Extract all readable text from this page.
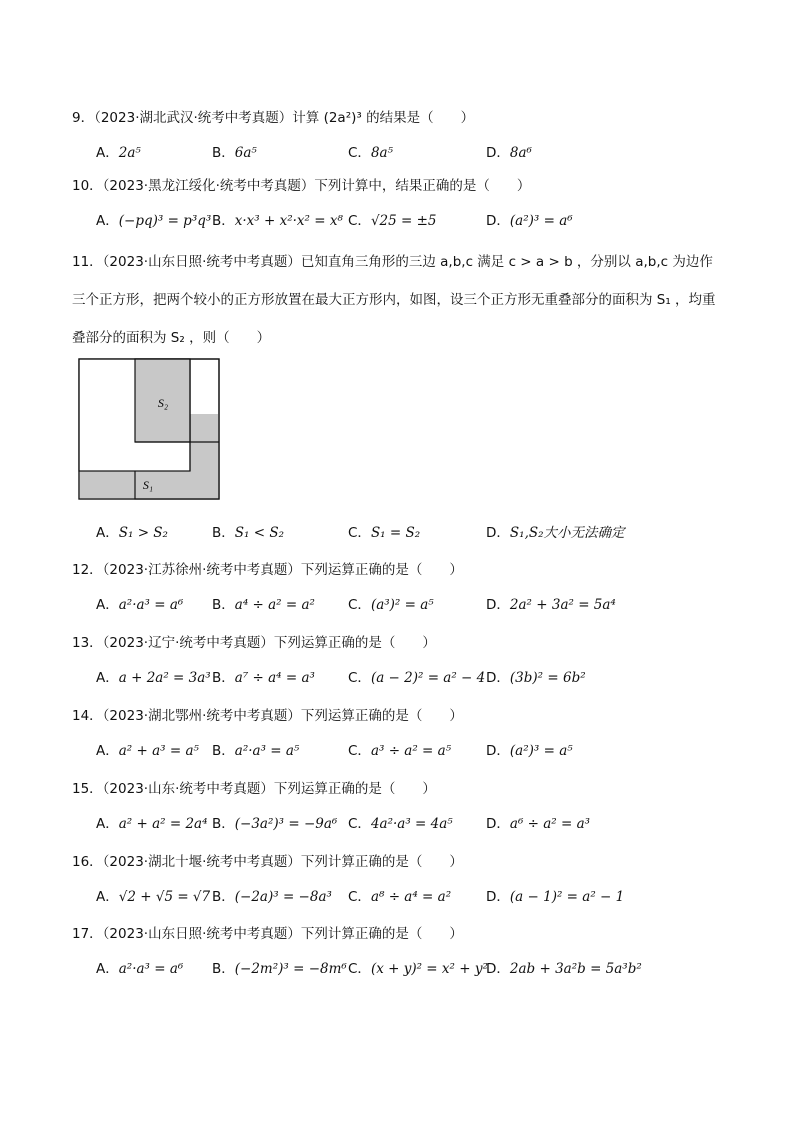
9．（2023·湖北武汉·统考中考真题）计算 (2a²)³ 的结果是（　　）
A．2a⁵	B．6a⁵	C．8a⁵	D．8a⁶
10．（2023·黑龙江绥化·统考中考真题）下列计算中，结果正确的是（　　）
A．(−pq)³ = p³q³ B．x·x³ + x²·x² = x⁸ C．√25 = ±5	D．(a²)³ = a⁶
11．（2023·山东日照·统考中考真题）已知直角三角形的三边 a,b,c 满足 c > a > b ，分别以 a,b,c 为边作三个正方形，把两个较小的正方形放置在最大正方形内，如图，设三个正方形无重叠部分的面积为 S₁ ，均重叠部分的面积为 S₂ ，则（　　）
S₂
S₁
A．S₁ > S₂	B．S₁ < S₂	C．S₁ = S₂	D．S₁,S₂大小无法确定
12．（2023·江苏徐州·统考中考真题）下列运算正确的是（　　）
A．a²·a³ = a⁶ B．a⁴ ÷ a² = a² C．(a³)² = a⁵	D．2a² + 3a² = 5a⁴
13．（2023·辽宁·统考中考真题）下列运算正确的是（　　）
A．a + 2a² = 3a³ B．a⁷ ÷ a⁴ = a³ C．(a − 2)² = a² − 4 D．(3b)² = 6b²
14．（2023·湖北鄂州·统考中考真题）下列运算正确的是（　　）
A．a² + a³ = a⁵ B．a²·a³ = a⁵	C．a³ ÷ a² = a⁵	D．(a²)³ = a⁵
15．（2023·山东·统考中考真题）下列运算正确的是（　　）
A．a² + a² = 2a⁴ B．(−3a²)³ = −9a⁶ C．4a²·a³ = 4a⁵ D．a⁶ ÷ a² = a³
16．（2023·湖北十堰·统考中考真题）下列计算正确的是（　　）
A．√2 + √5 = √7 B．(−2a)³ = −8a³ C．a⁸ ÷ a⁴ = a²	D．(a − 1)² = a² − 1
17．（2023·山东日照·统考中考真题）下列计算正确的是（　　）
A．a²·a³ = a⁶ B．(−2m²)³ = −8m⁶ C．(x + y)² = x² + y²
D．2ab + 3a²b = 5a³b²
